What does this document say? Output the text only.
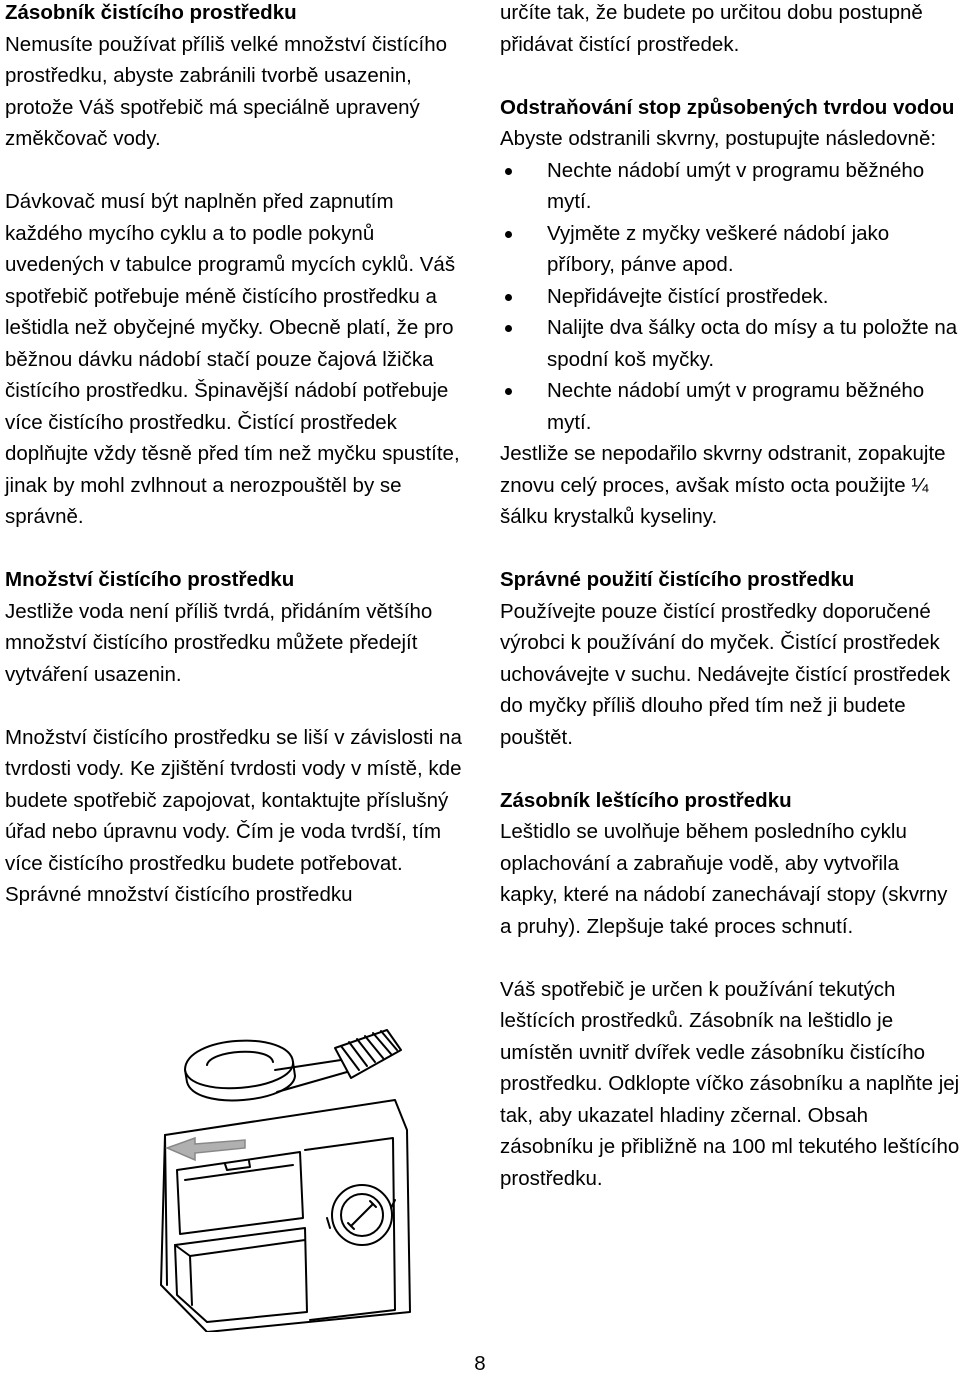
Zásobník čistícího prostředku

Nemusíte používat příliš velké množství čistícího prostředku, abyste zabránili tvorbě usazenin, protože Váš spotřebič má speciálně upravený změkčovač vody.

Dávkovač musí být naplněn před zapnutím každého mycího cyklu a to podle pokynů uvedených v tabulce programů mycích cyklů. Váš spotřebič potřebuje méně čistícího prostředku a leštidla než obyčejné myčky. Obecně platí, že pro běžnou dávku nádobí stačí pouze čajová lžička čistícího prostředku. Špinavější nádobí potřebuje více čistícího prostředku. Čistící prostředek doplňujte vždy těsně před tím než myčku spustíte, jinak by mohl zvlhnout a nerozpouštěl by se správně.

Množství čistícího prostředku

Jestliže voda není příliš tvrdá, přidáním většího množství čistícího prostředku můžete předejít vytváření usazenin.

Množství čistícího prostředku se liší v závislosti na tvrdosti vody. Ke zjištění tvrdosti vody v místě, kde budete spotřebič zapojovat, kontaktujte příslušný úřad nebo úpravnu vody. Čím je voda tvrdší, tím více čistícího prostředku budete potřebovat. Správné množství čistícího prostředku

určíte tak, že budete po určitou dobu postupně přidávat čistící prostředek.

Odstraňování stop způsobených tvrdou vodou

Abyste odstranili skvrny, postupujte následovně:

Nechte nádobí umýt v programu běžného mytí.
Vyjměte z myčky veškeré nádobí jako příbory, pánve apod.
Nepřidávejte čistící prostředek.
Nalijte dva šálky octa do mísy a tu položte na spodní koš myčky.
Nechte nádobí umýt v programu běžného mytí.

Jestliže se nepodařilo skvrny odstranit, zopakujte znovu celý proces, avšak místo octa použijte ¼ šálku krystalků kyseliny.

Správné použití čistícího prostředku

Používejte pouze čistící prostředky doporučené výrobci k používání do myček. Čistící prostředek uchovávejte v suchu. Nedávejte čistící prostředek do myčky příliš dlouho před tím než ji budete pouštět.

Zásobník leštícího prostředku

Leštidlo se uvolňuje během posledního cyklu oplachování a zabraňuje vodě, aby vytvořila kapky, které na nádobí zanechávají stopy (skvrny a pruhy). Zlepšuje také proces schnutí.

Váš spotřebič je určen k používání tekutých leštících prostředků. Zásobník na leštidlo je umístěn uvnitř dvířek vedle zásobníku čistícího prostředku. Odklopte víčko zásobníku a naplňte jej tak, aby ukazatel hladiny zčernal. Obsah zásobníku je přibližně na 100 ml tekutého leštícího prostředku.

8
